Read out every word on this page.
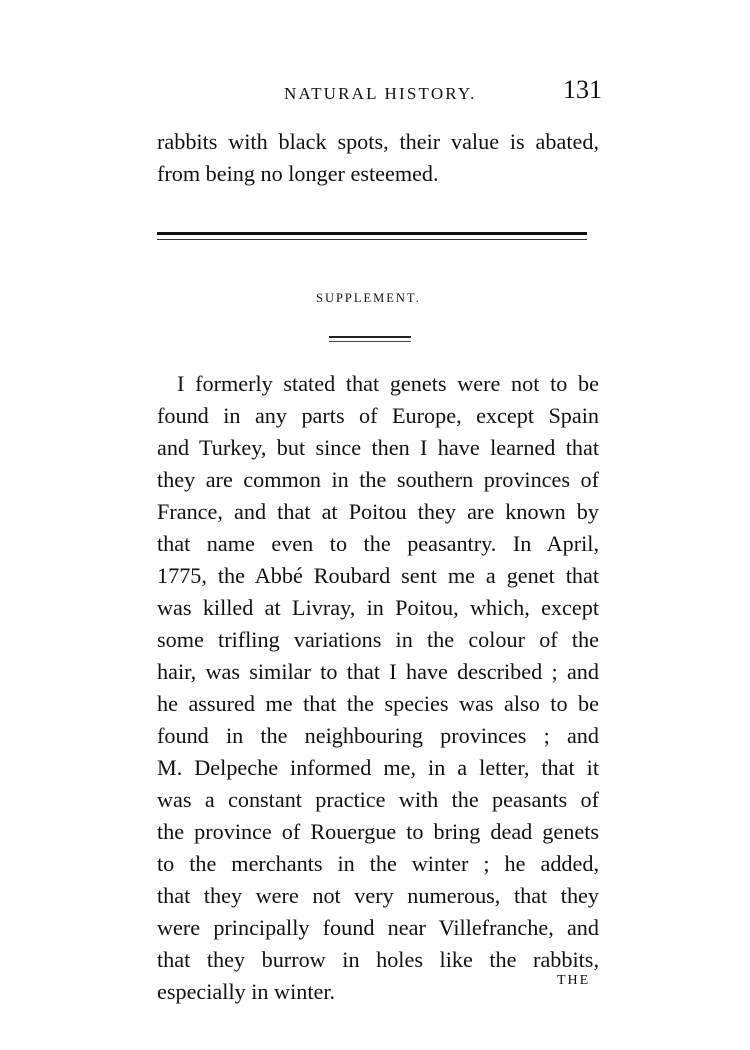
NATURAL HISTORY.	131
rabbits with black spots, their value is abated,
from being no longer esteemed.
SUPPLEMENT.
I formerly stated that genets were not to be
found in any parts of Europe, except Spain
and Turkey, but since then I have learned that
they are common in the southern provinces of
France, and that at Poitou they are known by
that name even to the peasantry. In April,
1775, the Abbé Roubard sent me a genet that
was killed at Livray, in Poitou, which, except
some trifling variations in the colour of the
hair, was similar to that I have described ; and
he assured me that the species was also to be
found in the neighbouring provinces ; and
M. Delpeche informed me, in a letter, that it
was a constant practice with the peasants of
the province of Rouergue to bring dead genets
to the merchants in the winter ; he added,
that they were not very numerous, that they
were principally found near Villefranche, and
that they burrow in holes like the rabbits,
especially in winter.	THE
